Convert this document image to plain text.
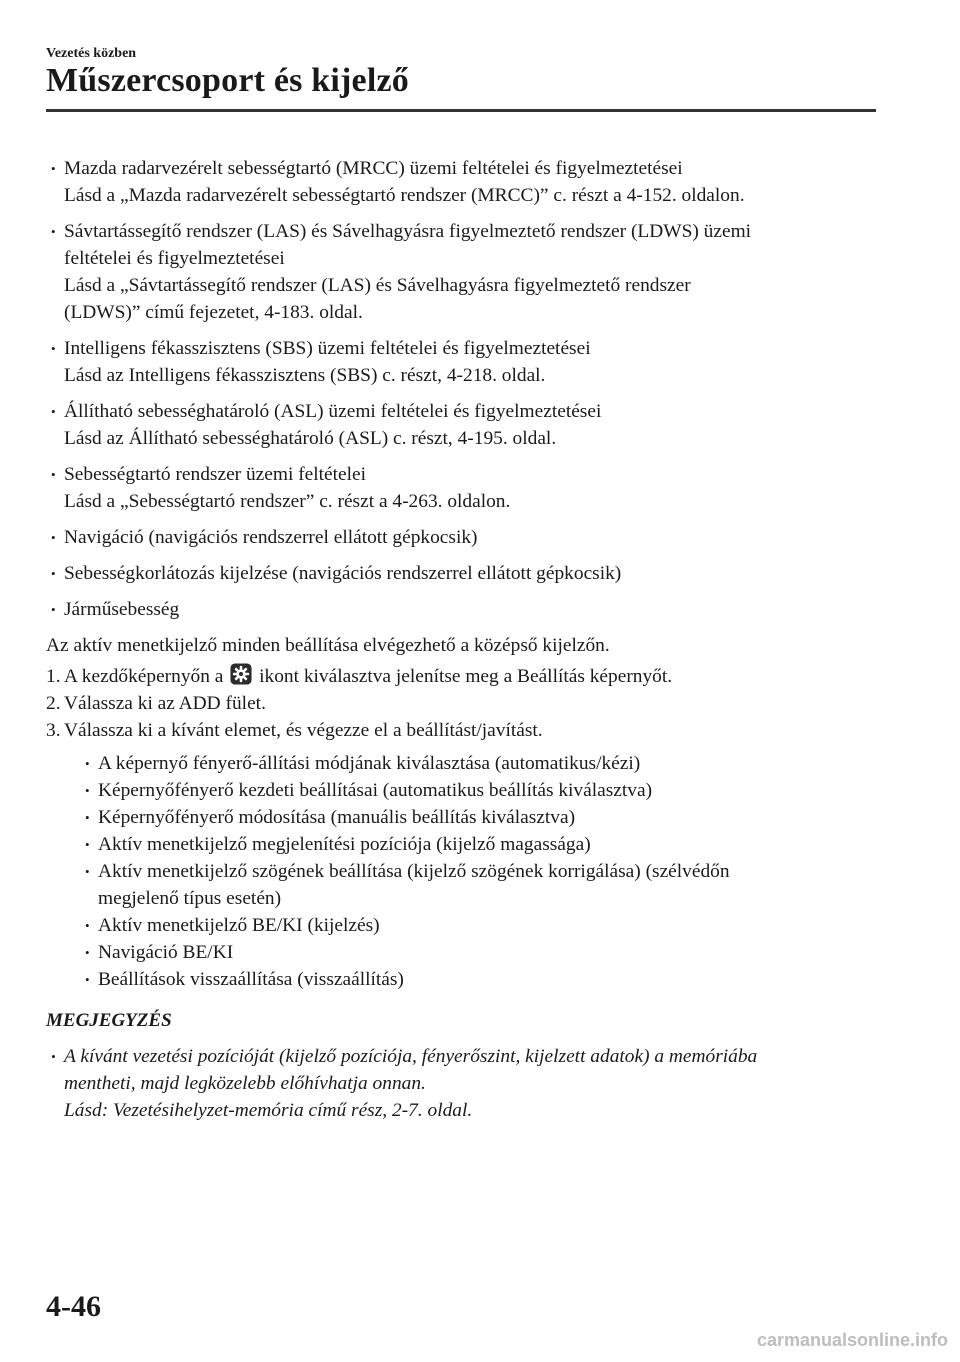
Vezetés közben
Műszercsoport és kijelző
• Mazda radarvezérelt sebességtartó (MRCC) üzemi feltételei és figyelmeztetései
Lásd a „Mazda radarvezérelt sebességtartó rendszer (MRCC)” c. részt a 4-152. oldalon.
• Sávtartássegítő rendszer (LAS) és Sávelhagyásra figyelmeztető rendszer (LDWS) üzemi
feltételei és figyelmeztetései
Lásd a „Sávtartássegítő rendszer (LAS) és Sávelhagyásra figyelmeztető rendszer
(LDWS)” című fejezetet, 4-183. oldal.
• Intelligens fékasszisztens (SBS) üzemi feltételei és figyelmeztetései
Lásd az Intelligens fékasszisztens (SBS) c. részt, 4-218. oldal.
• Állítható sebességhatároló (ASL) üzemi feltételei és figyelmeztetései
Lásd az Állítható sebességhatároló (ASL) c. részt, 4-195. oldal.
• Sebességtartó rendszer üzemi feltételei
Lásd a „Sebességtartó rendszer” c. részt a 4-263. oldalon.
• Navigáció (navigációs rendszerrel ellátott gépkocsik)
• Sebességkorlátozás kijelzése (navigációs rendszerrel ellátott gépkocsik)
• Járműsebesség
Az aktív menetkijelző minden beállítása elvégezhető a középső kijelzőn.
1. A kezdőképernyőn a ikont kiválasztva jelenítse meg a Beállítás képernyőt.
2. Válassza ki az ADD fület.
3. Válassza ki a kívánt elemet, és végezze el a beállítást/javítást.
• A képernyő fényerő-állítási módjának kiválasztása (automatikus/kézi)
• Képernyőfényerő kezdeti beállításai (automatikus beállítás kiválasztva)
• Képernyőfényerő módosítása (manuális beállítás kiválasztva)
• Aktív menetkijelző megjelenítési pozíciója (kijelző magassága)
• Aktív menetkijelző szögének beállítása (kijelző szögének korrigálása) (szélvédőn
megjelenő típus esetén)
• Aktív menetkijelző BE/KI (kijelzés)
• Navigáció BE/KI
• Beállítások visszaállítása (visszaállítás)
MEGJEGYZÉS
• A kívánt vezetési pozícióját (kijelző pozíciója, fényerőszint, kijelzett adatok) a memóriába
mentheti, majd legközelebb előhívhatja onnan.
Lásd: Vezetésihelyzet-memória című rész, 2-7. oldal.
4-46
carmanualsonline.info
